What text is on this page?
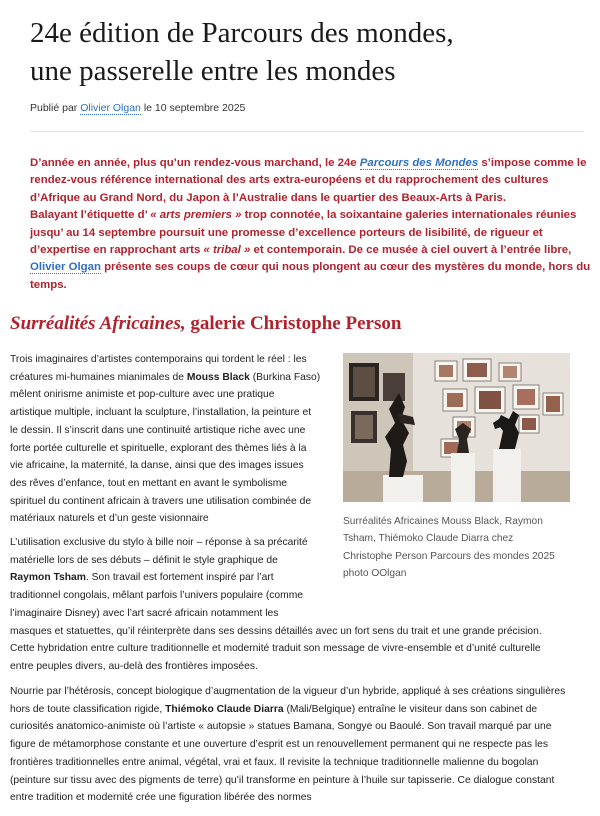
24e édition de Parcours des mondes,
une passerelle entre les mondes
Publié par Olivier Olgan le 10 septembre 2025
D’année en année, plus qu’un rendez-vous marchand, le 24e Parcours des Mondes s’impose comme le
rendez-vous référence international des arts extra-européens et du rapprochement des cultures
d’Afrique au Grand Nord, du Japon à l’Australie dans le quartier des Beaux-Arts à Paris.
Balayant l’étiquette d’ « arts premiers » trop connotée, la soixantaine galeries internationales réunies
jusqu’ au 14 septembre poursuit une promesse d’excellence porteurs de lisibilité, de rigueur et
d’expertise en rapprochant arts « tribal » et contemporain. De ce musée à ciel ouvert à l’entrée libre,
Olivier Olgan présente ses coups de cœur qui nous plongent au cœur des mystères du monde, hors du
temps.
Surréalités Africaines, galerie Christophe Person
Trois imaginaires d’artistes contemporains qui tordent le réel : les
créatures mi-humaines mianimales de Mouss Black (Burkina Faso)
mêlent onirisme animiste et pop-culture avec une pratique
artistique multiple, incluant la sculpture, l’installation, la peinture et
le dessin. Il s’inscrit dans une continuité artistique riche avec une
forte portée culturelle et spirituelle, explorant des thèmes liés à la
vie africaine, la maternité, la danse, ainsi que des images issues
des rêves d’enfance, tout en mettant en avant le symbolisme
spirituel du continent africain à travers une utilisation combinée de
matériaux naturels et d’un geste visionnaire
L’utilisation exclusive du stylo à bille noir – réponse à sa précarité
matérielle lors de ses débuts – définit le style graphique de
Raymon Tsham. Son travail est fortement inspiré par l’art
traditionnel congolais, mêlant parfois l’univers populaire (comme
l’imaginaire Disney) avec l’art sacré africain notamment les
masques et statuettes, qu’il réinterprète dans ses dessins détaillés avec un fort sens du trait et une grande précision.
Cette hybridation entre culture traditionnelle et modernité traduit son message de vivre-ensemble et d’unité culturelle
entre peuples divers, au-delà des frontières imposées.
Nourrie par l’hétérosis, concept biologique d’augmentation de la vigueur d’un hybride, appliqué à ses créations singulières
hors de toute classification rigide, Thiémoko Claude Diarra (Mali/Belgique) entraîne le visiteur dans son cabinet de
curiosités anatomico-animiste où l’artiste « autopsie » statues Bamana, Songye ou Baoulé. Son travail marqué par une
figure de métamorphose constante et une ouverture d’esprit est un renouvellement permanent qui ne respecte pas les
frontières traditionnelles entre animal, végétal, vrai et faux. Il revisite la technique traditionnelle malienne du bogolan
(peinture sur tissu avec des pigments de terre) qu’il transforme en peinture à l’huile sur tapisserie. Ce dialogue constant
entre tradition et modernité crée une figuration libérée des normes
Surréalités Africaines Mouss Black, Raymon
Tsham, Thiémoko Claude Diarra chez
Christophe Person Parcours des mondes 2025
photo OOlgan
